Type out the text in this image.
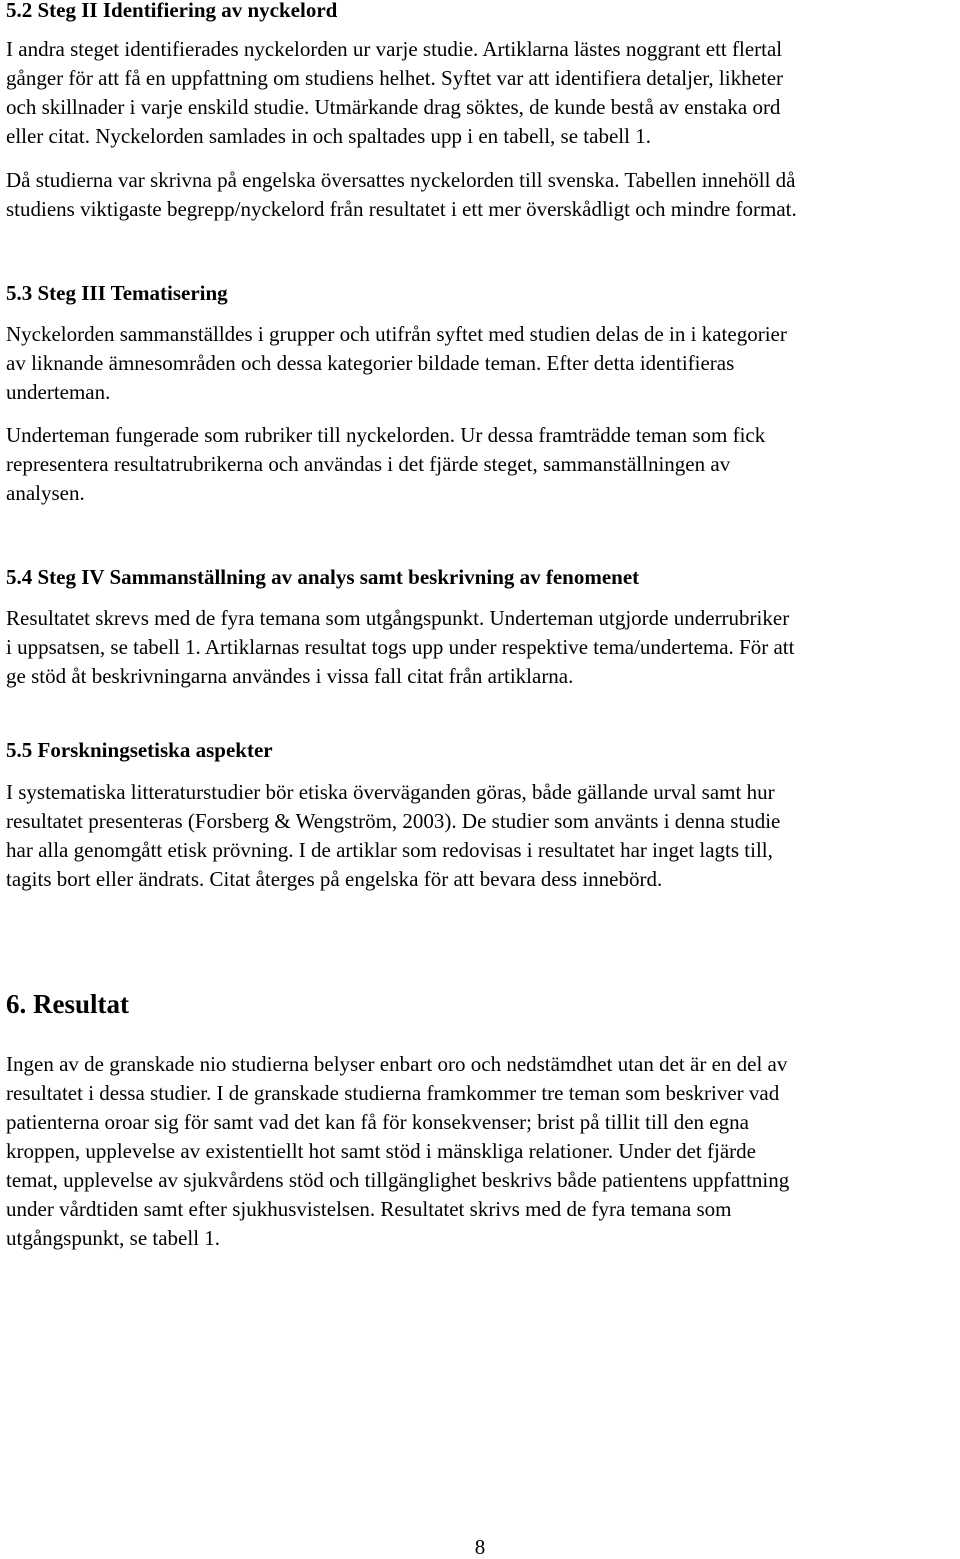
5.2 Steg II Identifiering av nyckelord

I andra steget identifierades nyckelorden ur varje studie. Artiklarna lästes noggrant ett flertal
gånger för att få en uppfattning om studiens helhet. Syftet var att identifiera detaljer, likheter
och skillnader i varje enskild studie. Utmärkande drag söktes, de kunde bestå av enstaka ord
eller citat. Nyckelorden samlades in och spaltades upp i en tabell, se tabell 1.

Då studierna var skrivna på engelska översattes nyckelorden till svenska. Tabellen innehöll då
studiens viktigaste begrepp/nyckelord från resultatet i ett mer överskådligt och mindre format.

5.3 Steg III Tematisering

Nyckelorden sammanställdes i grupper och utifrån syftet med studien delas de in i kategorier
av liknande ämnesområden och dessa kategorier bildade teman. Efter detta identifieras
underteman.

Underteman fungerade som rubriker till nyckelorden. Ur dessa framträdde teman som fick
representera resultatrubrikerna och användas i det fjärde steget, sammanställningen av
analysen.

5.4 Steg IV Sammanställning av analys samt beskrivning av fenomenet

Resultatet skrevs med de fyra temana som utgångspunkt. Underteman utgjorde underrubriker
i uppsatsen, se tabell 1. Artiklarnas resultat togs upp under respektive tema/undertema. För att
ge stöd åt beskrivningarna användes i vissa fall citat från artiklarna.

5.5 Forskningsetiska aspekter

I systematiska litteraturstudier bör etiska överväganden göras, både gällande urval samt hur
resultatet presenteras (Forsberg & Wengström, 2003). De studier som använts i denna studie
har alla genomgått etisk prövning. I de artiklar som redovisas i resultatet har inget lagts till,
tagits bort eller ändrats. Citat återges på engelska för att bevara dess innebörd.

6. Resultat

Ingen av de granskade nio studierna belyser enbart oro och nedstämdhet utan det är en del av
resultatet i dessa studier. I de granskade studierna framkommer tre teman som beskriver vad
patienterna oroar sig för samt vad det kan få för konsekvenser; brist på tillit till den egna
kroppen, upplevelse av existentiellt hot samt stöd i mänskliga relationer. Under det fjärde
temat, upplevelse av sjukvårdens stöd och tillgänglighet beskrivs både patientens uppfattning
under vårdtiden samt efter sjukhusvistelsen. Resultatet skrivs med de fyra temana som
utgångspunkt, se tabell 1.

8
